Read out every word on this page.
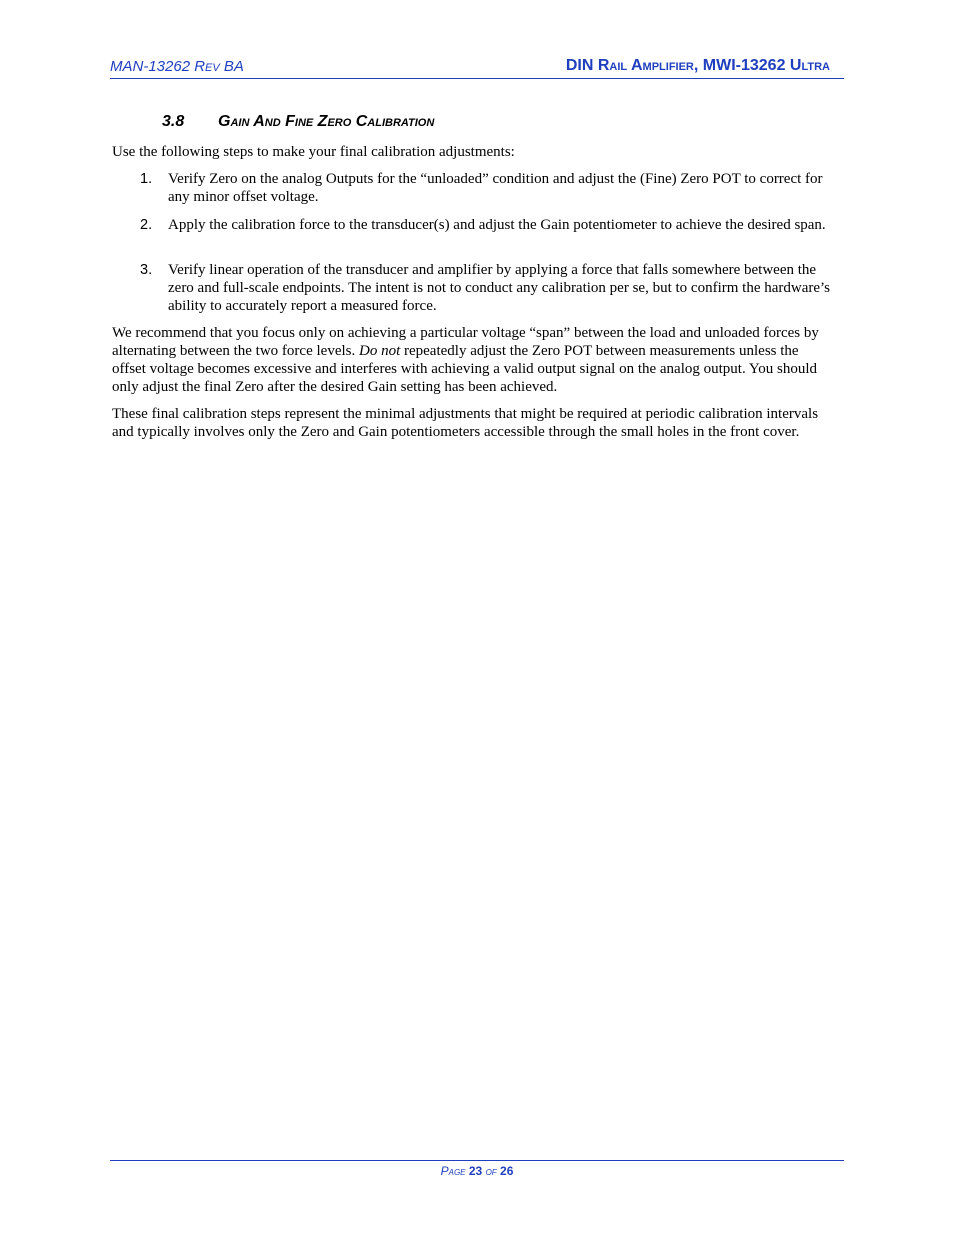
MAN-13262 Rev BA	DIN Rail Amplifier, MWI-13262 Ultra
3.8 Gain And Fine Zero Calibration

Use the following steps to make your final calibration adjustments:

1. Verify Zero on the analog Outputs for the “unloaded” condition and adjust the (Fine) Zero POT to correct for any minor offset voltage.
2. Apply the calibration force to the transducer(s) and adjust the Gain potentiometer to achieve the desired span.
3. Verify linear operation of the transducer and amplifier by applying a force that falls somewhere between the zero and full-scale endpoints. The intent is not to conduct any calibration per se, but to confirm the hardware’s ability to accurately report a measured force.

We recommend that you focus only on achieving a particular voltage “span” between the load and unloaded forces by alternating between the two force levels. Do not repeatedly adjust the Zero POT between measurements unless the offset voltage becomes excessive and interferes with achieving a valid output signal on the analog output. You should only adjust the final Zero after the desired Gain setting has been achieved.

These final calibration steps represent the minimal adjustments that might be required at periodic calibration intervals and typically involves only the Zero and Gain potentiometers accessible through the small holes in the front cover.

Page 23 of 26
